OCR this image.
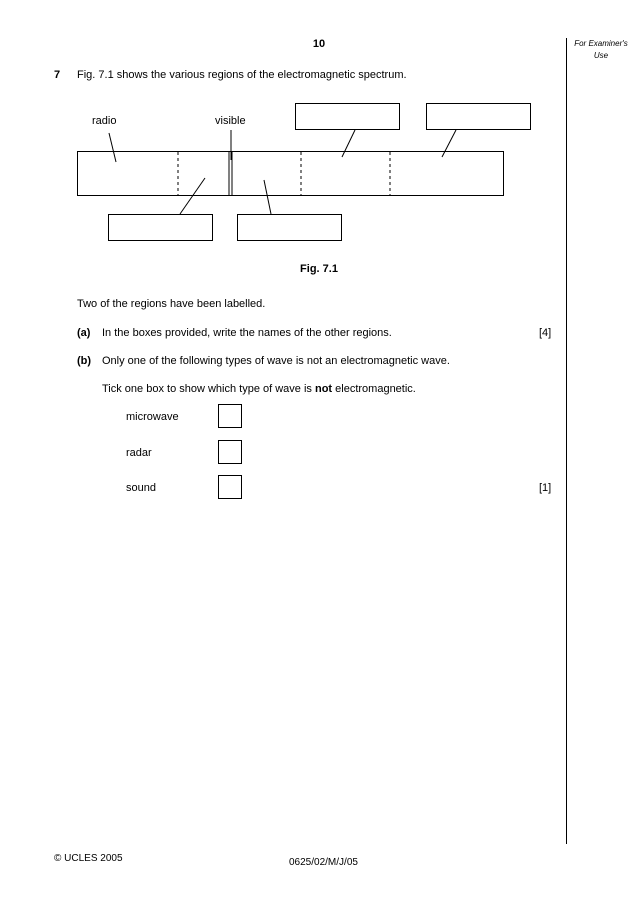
10	For Examiner's Use
7 Fig. 7.1 shows the various regions of the electromagnetic spectrum.
radio	visible
Fig. 7.1
Two of the regions have been labelled.
(a) In the boxes provided, write the names of the other regions.	[4]
(b) Only one of the following types of wave is not an electromagnetic wave.
Tick one box to show which type of wave is not electromagnetic.
microwave
radar
sound	[1]
© UCLES 2005	0625/02/M/J/05
